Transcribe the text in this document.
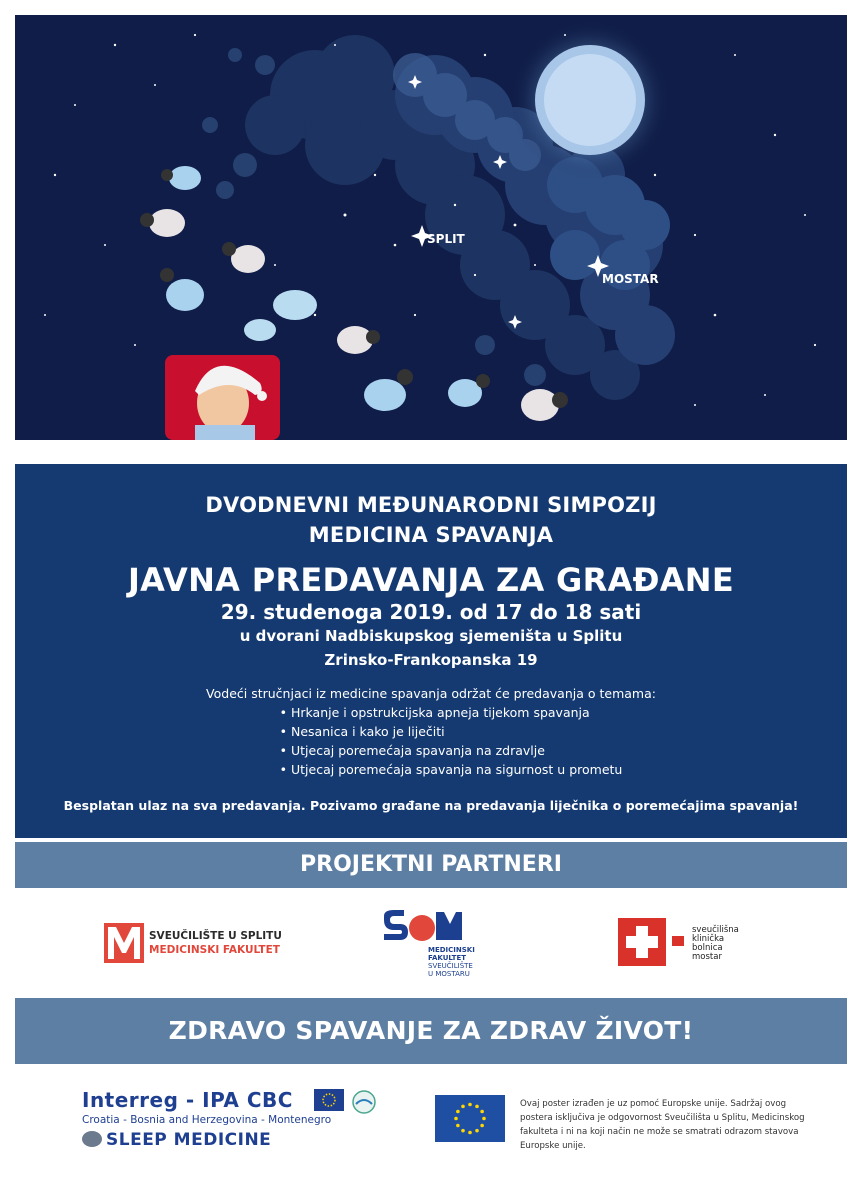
SPLIT
MOSTAR
DVODNEVNI MEĐUNARODNI SIMPOZIJ
MEDICINA SPAVANJA
JAVNA PREDAVANJA ZA GRAĐANE
29. studenoga 2019. od 17 do 18 sati
u dvorani Nadbiskupskog sjemeništa u Splitu
Zrinsko-Frankopanska 19
Vodeći stručnjaci iz medicine spavanja održat će predavanja o temama:
• Hrkanje i opstrukcijska apneja tijekom spavanja
• Nesanica i kako je liječiti
• Utjecaj poremećaja spavanja na zdravlje
• Utjecaj poremećaja spavanja na sigurnost u prometu
Besplatan ulaz na sva predavanja. Pozivamo građane na predavanja liječnika o poremećajima spavanja!
PROJEKTNI PARTNERI
SVEUČILIŠTE U SPLITU
MEDICINSKI FAKULTET	MEDICINSKI
FAKULTET
SVEUČILIŠTE
U MOSTARU
sveučilišna
klinička
bolnica
mostar
ZDRAVO SPAVANJE ZA ZDRAV ŽIVOT!
Interreg - IPA CBC
Croatia - Bosnia and Herzegovina - Montenegro
SLEEP MEDICINE
Ovaj poster izrađen je uz pomoć Europske unije. Sadržaj ovog postera isključiva je odgovornost Sveučilišta u Splitu, Medicinskog fakulteta i ni na koji način ne može se smatrati odrazom stavova Europske unije.
